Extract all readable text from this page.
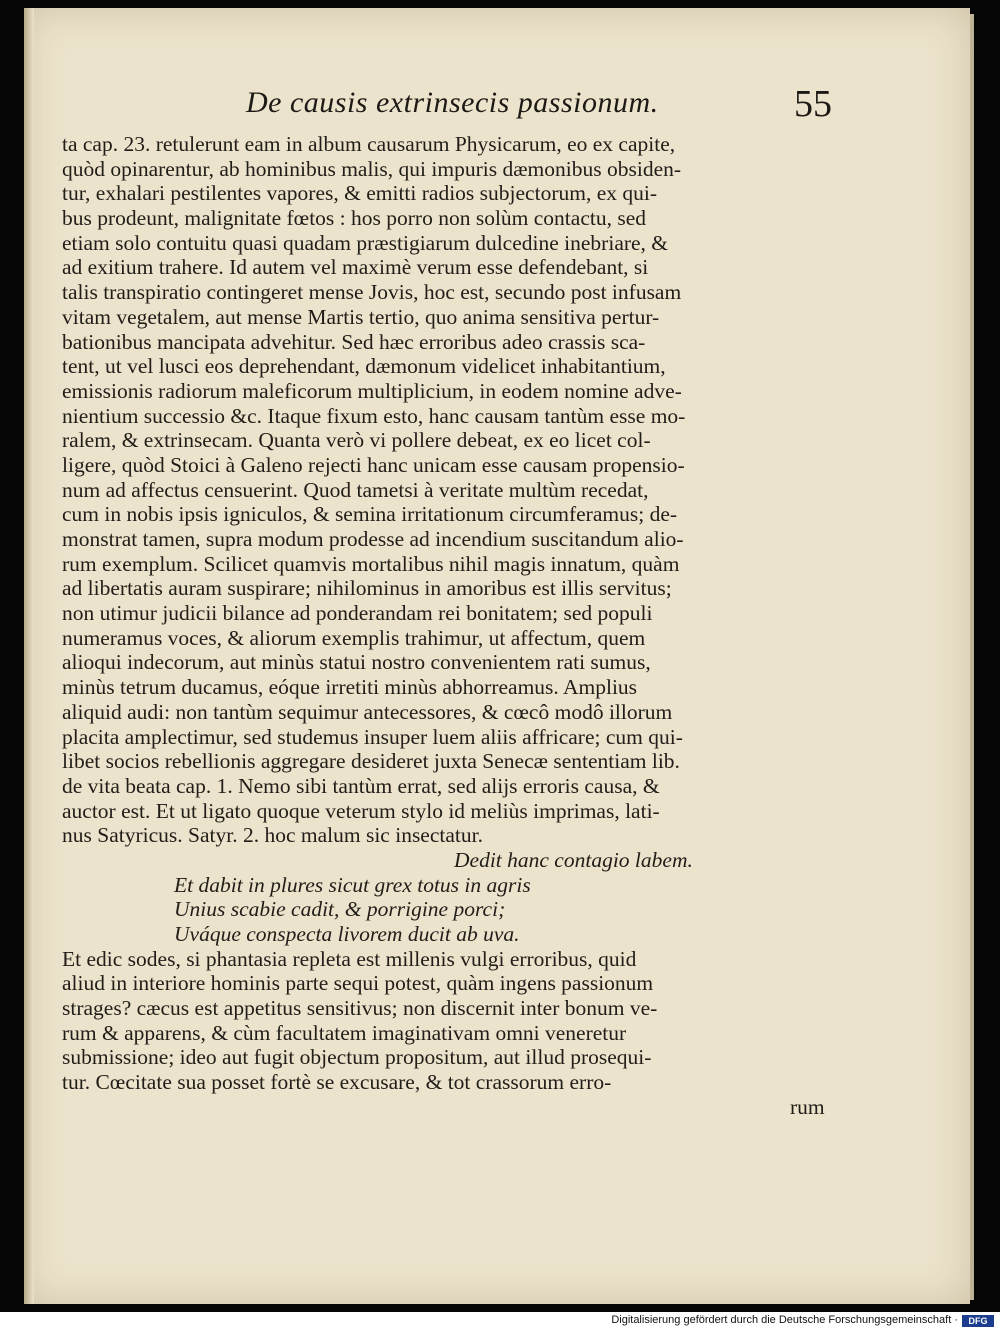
De causis extrinsecis passionum.	55
ta cap. 23. retulerunt eam in album causarum Physicarum, eo ex capite,
quòd opinarentur, ab hominibus malis, qui impuris dæmonibus obsiden-
tur, exhalari pestilentes vapores, & emitti radios subjectorum, ex qui-
bus prodeunt, malignitate fœtos : hos porro non solùm contactu, sed
etiam solo contuitu quasi quadam præstigiarum dulcedine inebriare, &
ad exitium trahere. Id autem vel maximè verum esse defendebant, si
talis transpiratio contingeret mense Jovis, hoc est, secundo post infusam
vitam vegetalem, aut mense Martis tertio, quo anima sensitiva pertur-
bationibus mancipata advehitur. Sed hæc erroribus adeo crassis sca-
tent, ut vel lusci eos deprehendant, dæmonum videlicet inhabitantium,
emissionis radiorum maleficorum multiplicium, in eodem nomine adve-
nientium successio &c. Itaque fixum esto, hanc causam tantùm esse mo-
ralem, & extrinsecam. Quanta verò vi pollere debeat, ex eo licet col-
ligere, quòd Stoici à Galeno rejecti hanc unicam esse causam propensio-
num ad affectus censuerint. Quod tametsi à veritate multùm recedat,
cum in nobis ipsis igniculos, & semina irritationum circumferamus; de-
monstrat tamen, supra modum prodesse ad incendium suscitandum alio-
rum exemplum. Scilicet quamvis mortalibus nihil magis innatum, quàm
ad libertatis auram suspirare; nihilominus in amoribus est illis servitus;
non utimur judicii bilance ad ponderandam rei bonitatem; sed populi
numeramus voces, & aliorum exemplis trahimur, ut affectum, quem
alioqui indecorum, aut minùs statui nostro convenientem rati sumus,
minùs tetrum ducamus, eóque irretiti minùs abhorreamus. Amplius
aliquid audi: non tantùm sequimur antecessores, & cœcô modô illorum
placita amplectimur, sed studemus insuper luem aliis affricare; cum qui-
libet socios rebellionis aggregare desideret juxta Senecæ sententiam lib.
de vita beata cap. 1. Nemo sibi tantùm errat, sed alijs erroris causa, &
auctor est. Et ut ligato quoque veterum stylo id meliùs imprimas, lati-
nus Satyricus. Satyr. 2. hoc malum sic insectatur.
Dedit hanc contagio labem.
Et dabit in plures sicut grex totus in agris
Unius scabie cadit, & porrigine porci;
Uváque conspecta livorem ducit ab uva.
Et edic sodes, si phantasia repleta est millenis vulgi erroribus, quid
aliud in interiore hominis parte sequi potest, quàm ingens passionum
strages? cæcus est appetitus sensitivus; non discernit inter bonum ve-
rum & apparens, & cùm facultatem imaginativam omni veneretur
submissione; ideo aut fugit objectum propositum, aut illud prosequi-
tur. Cœcitate sua posset fortè se excusare, & tot crassorum erro-
rum
Digitalisierung gefördert durch die Deutsche Forschungsgemeinschaft ·	DFG
